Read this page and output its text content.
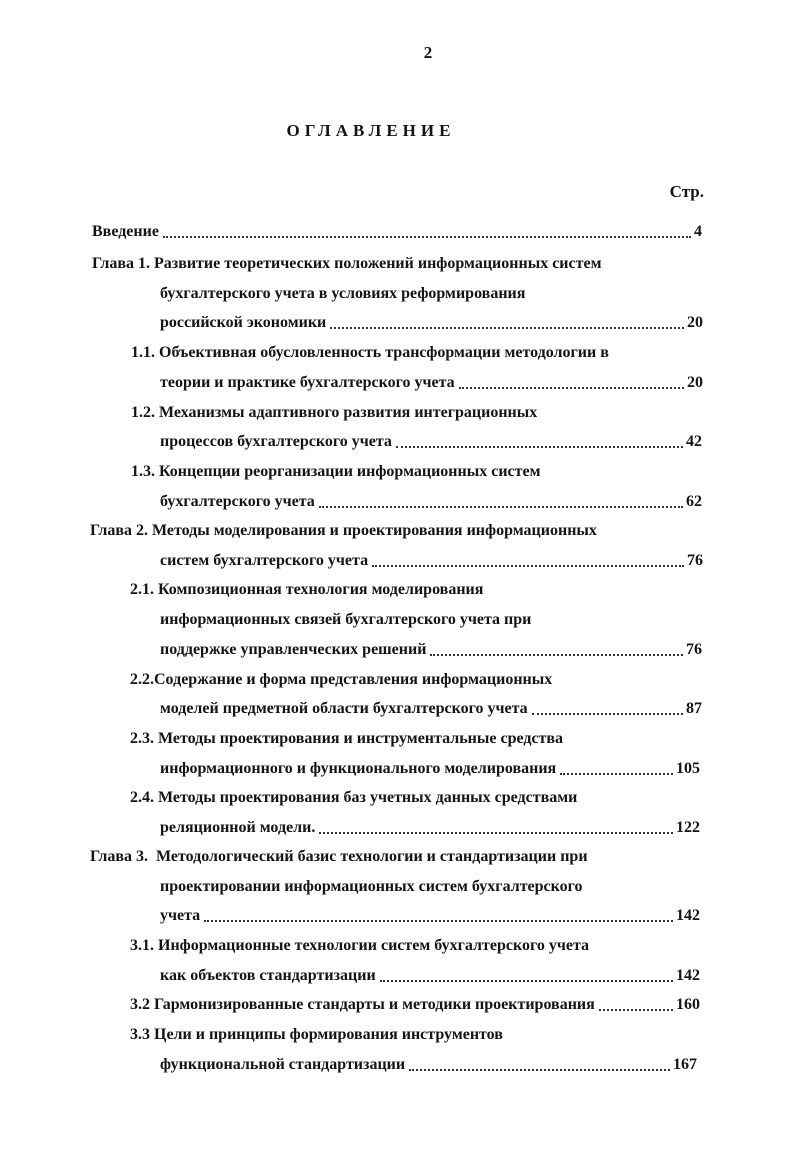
2
ОГЛАВЛЕНИЕ
Стр.
Введение	4
Глава 1. Развитие теоретических положений информационных систем
бухгалтерского учета в условиях реформирования
российской экономики	20
1.1. Объективная обусловленность трансформации методологии в
теории и практике бухгалтерского учета	20
1.2. Механизмы адаптивного развития интеграционных
процессов бухгалтерского учета	42
1.3. Концепции реорганизации информационных систем
бухгалтерского учета	62
Глава 2. Методы моделирования и проектирования информационных
систем бухгалтерского учета	76
2.1. Композиционная технология моделирования
информационных связей бухгалтерского учета при
поддержке управленческих решений	76
2.2.Содержание и форма представления информационных
моделей предметной области бухгалтерского учета	87
2.3. Методы проектирования и инструментальные средства
информационного и функционального моделирования	105
2.4. Методы проектирования баз учетных данных средствами
реляционной модели.	122
Глава 3.  Методологический базис технологии и стандартизации при
проектировании информационных систем бухгалтерского
учета	142
3.1. Информационные технологии систем бухгалтерского учета
как объектов стандартизации	142
3.2 Гармонизированные стандарты и методики проектирования	160
3.3 Цели и принципы формирования инструментов
функциональной стандартизации	167
